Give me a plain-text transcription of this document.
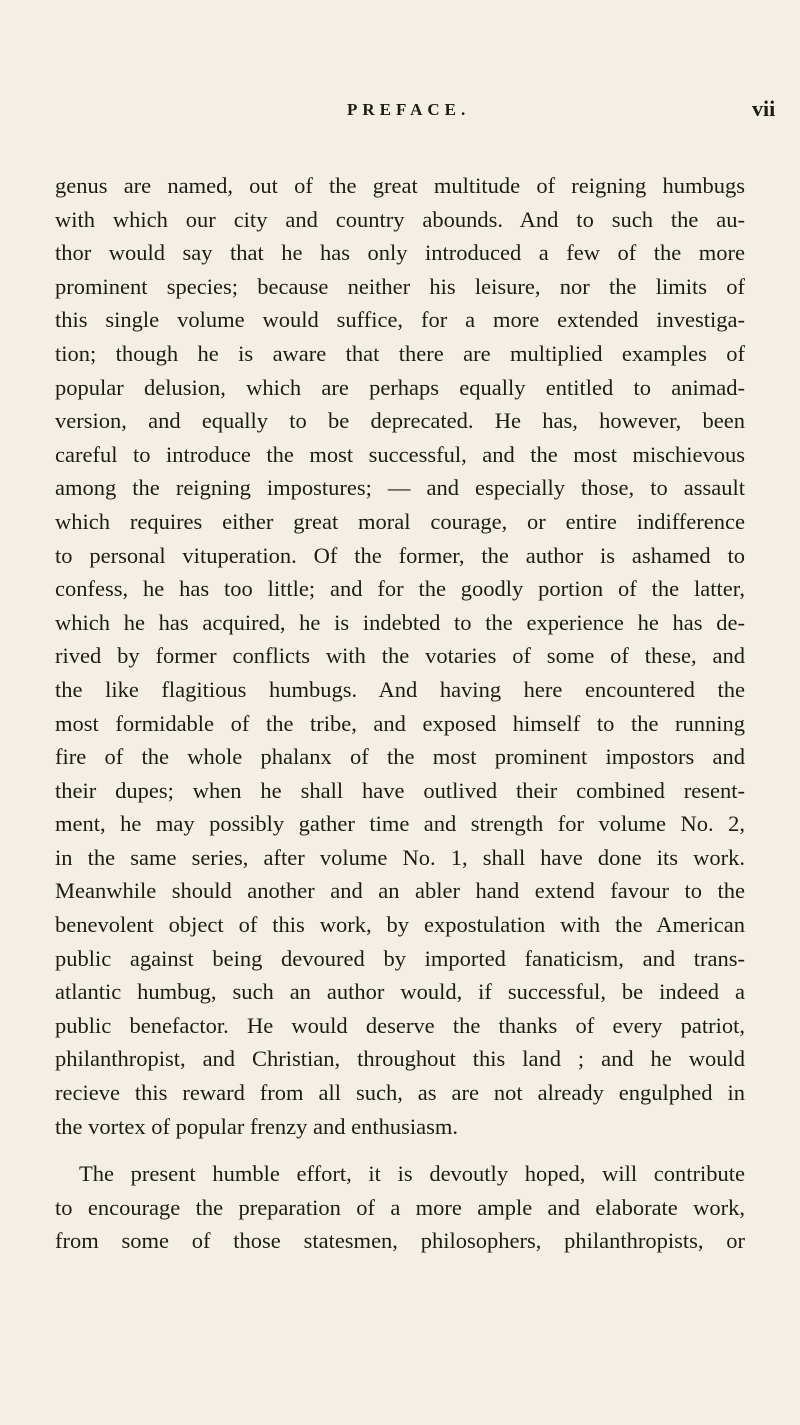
PREFACE.	vii
genus are named, out of the great multitude of reigning humbugs
with which our city and country abounds. And to such the au-
thor would say that he has only introduced a few of the more
prominent species; because neither his leisure, nor the limits of
this single volume would suffice, for a more extended investiga-
tion; though he is aware that there are multiplied examples of
popular delusion, which are perhaps equally entitled to animad-
version, and equally to be deprecated. He has, however, been
careful to introduce the most successful, and the most mischievous
among the reigning impostures; — and especially those, to assault
which requires either great moral courage, or entire indifference
to personal vituperation. Of the former, the author is ashamed to
confess, he has too little; and for the goodly portion of the latter,
which he has acquired, he is indebted to the experience he has de-
rived by former conflicts with the votaries of some of these, and
the like flagitious humbugs. And having here encountered the
most formidable of the tribe, and exposed himself to the running
fire of the whole phalanx of the most prominent impostors and
their dupes; when he shall have outlived their combined resent-
ment, he may possibly gather time and strength for volume No. 2,
in the same series, after volume No. 1, shall have done its work.
Meanwhile should another and an abler hand extend favour to the
benevolent object of this work, by expostulation with the American
public against being devoured by imported fanaticism, and trans-
atlantic humbug, such an author would, if successful, be indeed a
public benefactor. He would deserve the thanks of every patriot,
philanthropist, and Christian, throughout this land ; and he would
recieve this reward from all such, as are not already engulphed in
the vortex of popular frenzy and enthusiasm.
The present humble effort, it is devoutly hoped, will contribute
to encourage the preparation of a more ample and elaborate work,
from some of those statesmen, philosophers, philanthropists, or
